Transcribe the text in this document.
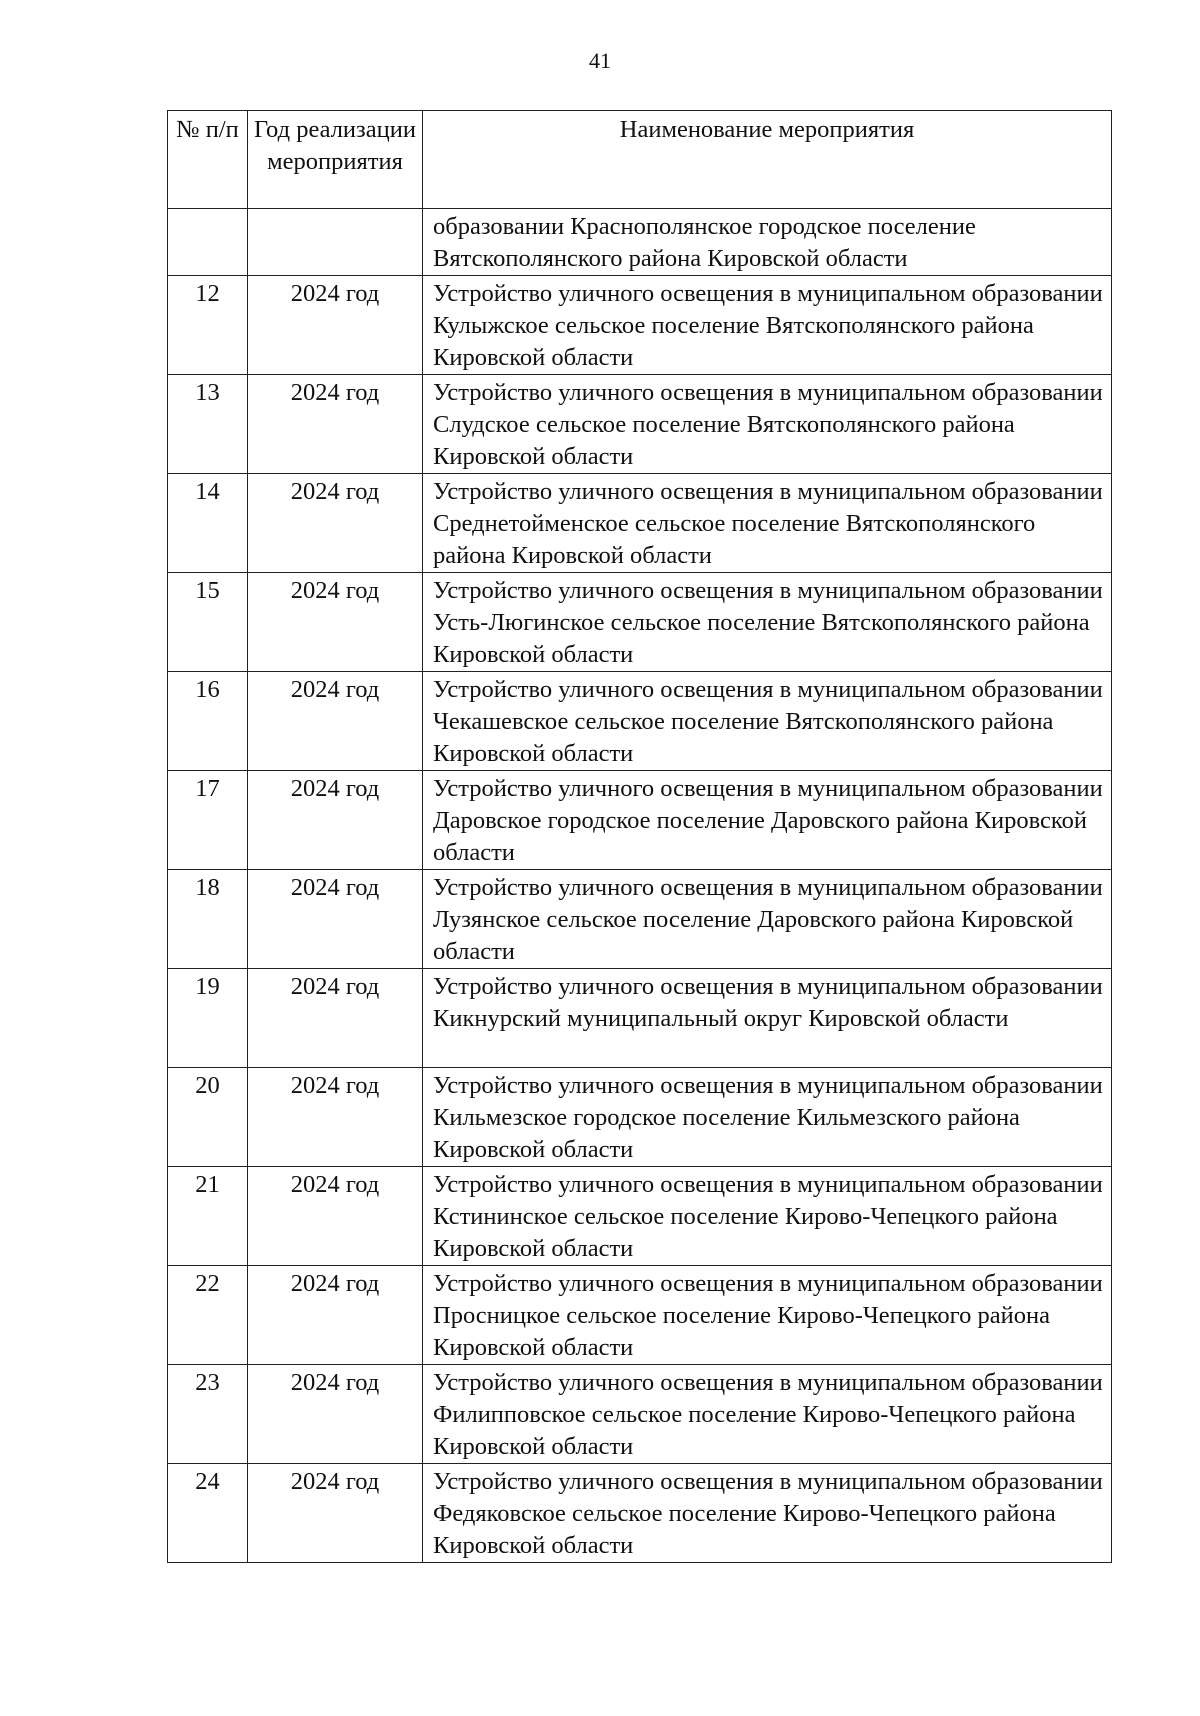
41
№ п/п	Год реализации мероприятия	Наименование мероприятия
		образовании Краснополянское городское поселение Вятскополянского района Кировской области
12	2024 год	Устройство уличного освещения в муниципальном образовании Кулыжское сельское поселение Вятскополянского района Кировской области
13	2024 год	Устройство уличного освещения в муниципальном образовании Слудское сельское поселение Вятскополянского района Кировской области
14	2024 год	Устройство уличного освещения в муниципальном образовании Среднетойменское сельское поселение Вятскополянского района Кировской области
15	2024 год	Устройство уличного освещения в муниципальном образовании Усть-Люгинское сельское поселение Вятскополянского района Кировской области
16	2024 год	Устройство уличного освещения в муниципальном образовании Чекашевское сельское поселение Вятскополянского района Кировской области
17	2024 год	Устройство уличного освещения в муниципальном образовании Даровское городское поселение Даровского района Кировской области
18	2024 год	Устройство уличного освещения в муниципальном образовании Лузянское сельское поселение Даровского района Кировской области
19	2024 год	Устройство уличного освещения в муниципальном образовании Кикнурский муниципальный округ Кировской области
20	2024 год	Устройство уличного освещения в муниципальном образовании Кильмезское городское поселение Кильмезского района Кировской области
21	2024 год	Устройство уличного освещения в муниципальном образовании Кстининское сельское поселение Кирово-Чепецкого района Кировской области
22	2024 год	Устройство уличного освещения в муниципальном образовании Просницкое сельское поселение Кирово-Чепецкого района Кировской области
23	2024 год	Устройство уличного освещения в муниципальном образовании Филипповское сельское поселение Кирово-Чепецкого района Кировской области
24	2024 год	Устройство уличного освещения в муниципальном образовании Федяковское сельское поселение Кирово-Чепецкого района Кировской области
